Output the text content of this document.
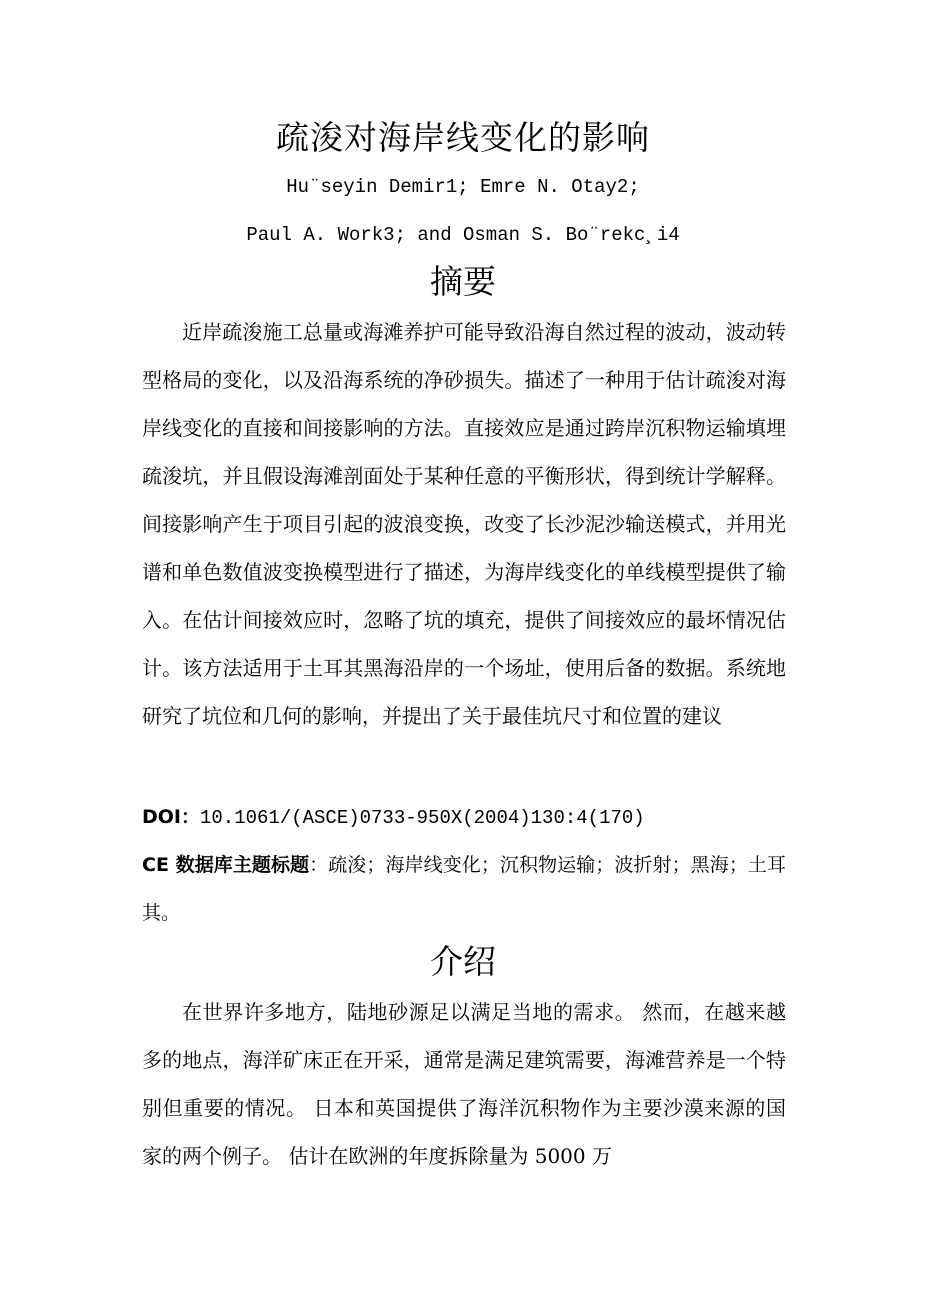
疏浚对海岸线变化的影响
Hu¨seyin Demir1; Emre N. Otay2;
Paul A. Work3; and Osman S. Bo¨rekc¸i4
摘要

近岸疏浚施工总量或海滩养护可能导致沿海自然过程的波动，波动转型格局的变化，以及沿海系统的净砂损失。描述了一种用于估计疏浚对海岸线变化的直接和间接影响的方法。直接效应是通过跨岸沉积物运输填埋疏浚坑，并且假设海滩剖面处于某种任意的平衡形状，得到统计学解释。间接影响产生于项目引起的波浪变换，改变了长沙泥沙输送模式，并用光谱和单色数值波变换模型进行了描述，为海岸线变化的单线模型提供了输入。在估计间接效应时，忽略了坑的填充，提供了间接效应的最坏情况估计。该方法适用于土耳其黑海沿岸的一个场址，使用后备的数据。系统地研究了坑位和几何的影响，并提出了关于最佳坑尺寸和位置的建议

DOI：10.1061/(ASCE)0733-950X(2004)130:4(170)
CE 数据库主题标题：疏浚；海岸线变化；沉积物运输；波折射；黑海；土耳其。
介绍

在世界许多地方，陆地砂源足以满足当地的需求。 然而，在越来越多的地点，海洋矿床正在开采，通常是满足建筑需要，海滩营养是一个特别但重要的情况。 日本和英国提供了海洋沉积物作为主要沙漠来源的国家的两个例子。 估计在欧洲的年度拆除量为 5000 万
